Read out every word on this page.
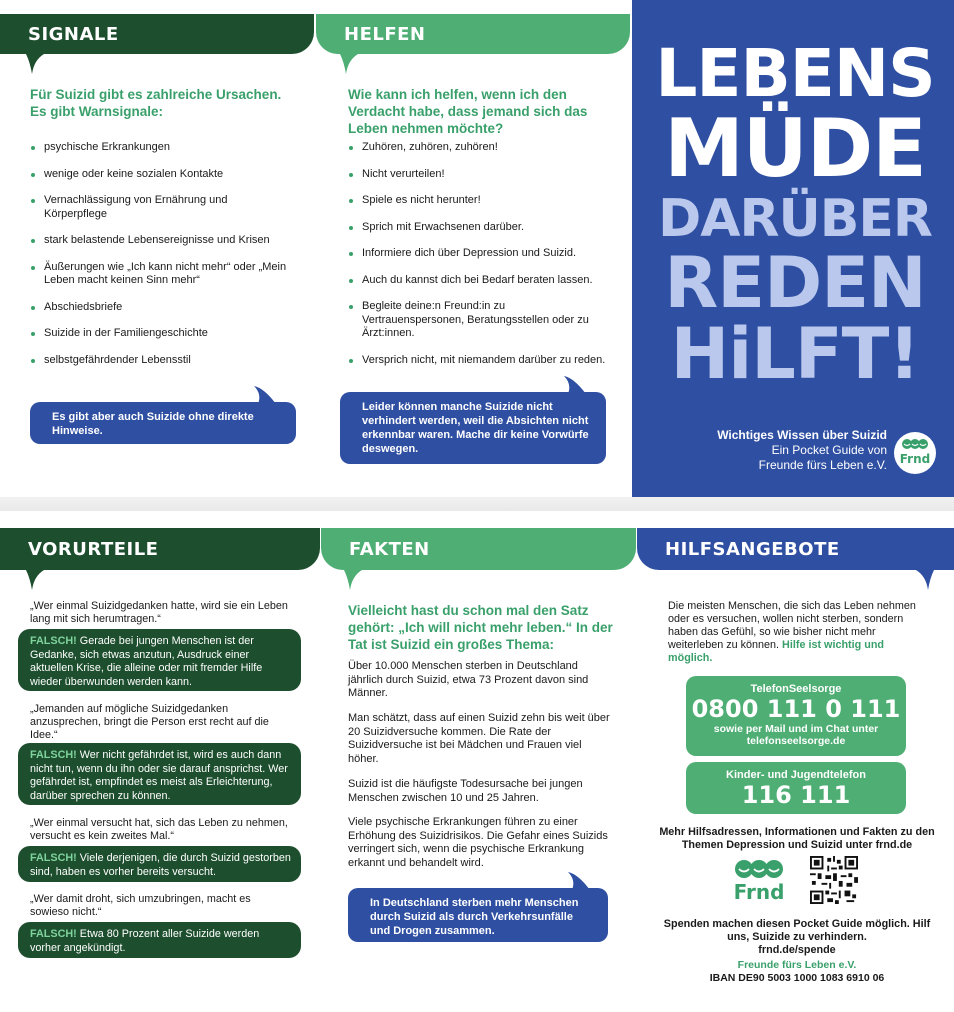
SIGNALE
Für Suizid gibt es zahlreiche Ursachen. Es gibt Warnsignale:
psychische Erkrankungen
wenige oder keine sozialen Kontakte
Vernachlässigung von Ernährung und Körperpflege
stark belastende Lebensereignisse und Krisen
Äußerungen wie „Ich kann nicht mehr“ oder „Mein Leben macht keinen Sinn mehr“
Abschiedsbriefe
Suizide in der Familiengeschichte
selbstgefährdender Lebensstil
Es gibt aber auch Suizide ohne direkte Hinweise.
HELFEN
Wie kann ich helfen, wenn ich den Verdacht habe, dass jemand sich das Leben nehmen möchte?
Zuhören, zuhören, zuhören!
Nicht verurteilen!
Spiele es nicht herunter!
Sprich mit Erwachsenen darüber.
Informiere dich über Depression und Suizid.
Auch du kannst dich bei Bedarf beraten lassen.
Begleite deine:n Freund:in zu Vertrauenspersonen, Beratungsstellen oder zu Ärzt:innen.
Versprich nicht, mit niemandem darüber zu reden.
Leider können manche Suizide nicht verhindert werden, weil die Absichten nicht erkennbar waren. Mache dir keine Vorwürfe deswegen.
LEBENS
MÜDE
DARÜBER
REDEN
HiLFT!
Wichtiges Wissen über Suizid
Ein Pocket Guide von
Freunde fürs Leben e.V.	Frnd
VORURTEILE
„Wer einmal Suizidgedanken hatte, wird sie ein Leben lang mit sich herumtragen.“
FALSCH! Gerade bei jungen Menschen ist der Gedanke, sich etwas anzutun, Ausdruck einer aktuellen Krise, die alleine oder mit fremder Hilfe wieder überwunden werden kann.
„Jemanden auf mögliche Suizidgedanken anzusprechen, bringt die Person erst recht auf die Idee.“
FALSCH! Wer nicht gefährdet ist, wird es auch dann nicht tun, wenn du ihn oder sie darauf ansprichst. Wer gefährdet ist, empfindet es meist als Erleichterung, darüber sprechen zu können.
„Wer einmal versucht hat, sich das Leben zu nehmen, versucht es kein zweites Mal.“
FALSCH! Viele derjenigen, die durch Suizid gestorben sind, haben es vorher bereits versucht.
„Wer damit droht, sich umzubringen, macht es sowieso nicht.“
FALSCH! Etwa 80 Prozent aller Suizide werden vorher angekündigt.
FAKTEN
Vielleicht hast du schon mal den Satz gehört: „Ich will nicht mehr leben.“ In der Tat ist Suizid ein großes Thema:
Über 10.000 Menschen sterben in Deutschland jährlich durch Suizid, etwa 73 Prozent davon sind Männer.
Man schätzt, dass auf einen Suizid zehn bis weit über 20 Suizidversuche kommen. Die Rate der Suizidversuche ist bei Mädchen und Frauen viel höher.
Suizid ist die häufigste Todesursache bei jungen Menschen zwischen 10 und 25 Jahren.
Viele psychische Erkrankungen führen zu einer Erhöhung des Suizidrisikos. Die Gefahr eines Suizids verringert sich, wenn die psychische Erkrankung erkannt und behandelt wird.
In Deutschland sterben mehr Menschen durch Suizid als durch Verkehrsunfälle und Drogen zusammen.
HILFSANGEBOTE
Die meisten Menschen, die sich das Leben nehmen oder es versuchen, wollen nicht sterben, sondern haben das Gefühl, so wie bisher nicht mehr weiterleben zu können. Hilfe ist wichtig und möglich.
TelefonSeelsorge
0800 111 0 111
sowie per Mail und im Chat unter
telefonseelsorge.de
Kinder- und Jugendtelefon
116 111
Mehr Hilfsadressen, Informationen und Fakten zu den Themen Depression und Suizid unter frnd.de
Frnd
Spenden machen diesen Pocket Guide möglich. Hilf uns, Suizide zu verhindern.
frnd.de/spende
Freunde fürs Leben e.V.
IBAN DE90 5003 1000 1083 6910 06
